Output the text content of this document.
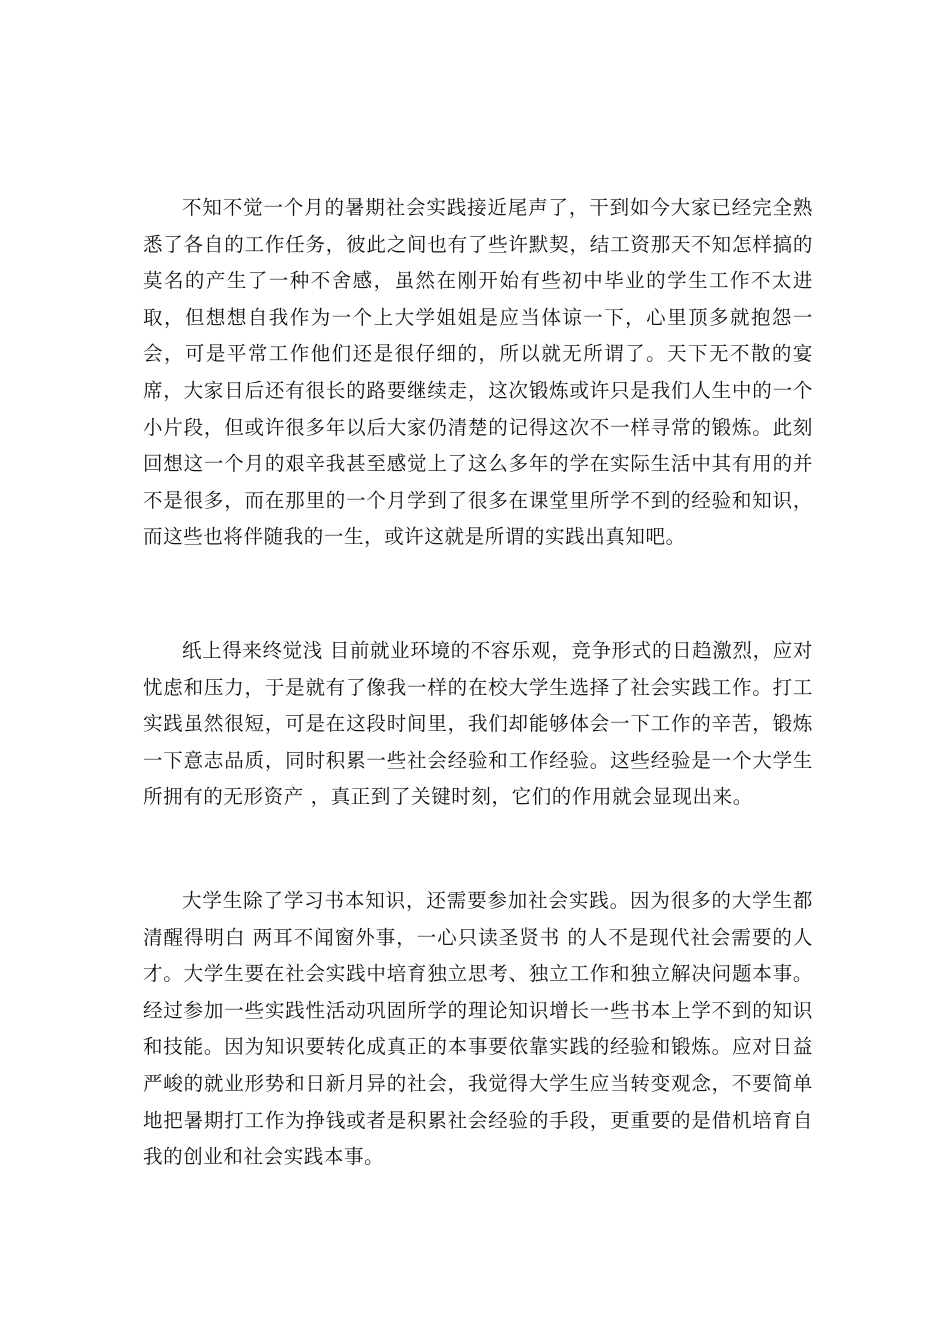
不知不觉一个月的暑期社会实践接近尾声了，干到如今大家已经完全熟悉了各自的工作任务，彼此之间也有了些许默契，结工资那天不知怎样搞的莫名的产生了一种不舍感，虽然在刚开始有些初中毕业的学生工作不太进取，但想想自我作为一个上大学姐姐是应当体谅一下，心里顶多就抱怨一会，可是平常工作他们还是很仔细的，所以就无所谓了。天下无不散的宴席，大家日后还有很长的路要继续走，这次锻炼或许只是我们人生中的一个小片段，但或许很多年以后大家仍清楚的记得这次不一样寻常的锻炼。此刻回想这一个月的艰辛我甚至感觉上了这么多年的学在实际生活中其有用的并不是很多，而在那里的一个月学到了很多在课堂里所学不到的经验和知识，而这些也将伴随我的一生，或许这就是所谓的实践出真知吧。

纸上得来终觉浅 目前就业环境的不容乐观，竞争形式的日趋激烈，应对忧虑和压力，于是就有了像我一样的在校大学生选择了社会实践工作。打工实践虽然很短，可是在这段时间里，我们却能够体会一下工作的辛苦，锻炼一下意志品质，同时积累一些社会经验和工作经验。这些经验是一个大学生所拥有的无形资产 ，真正到了关键时刻，它们的作用就会显现出来。

大学生除了学习书本知识，还需要参加社会实践。因为很多的大学生都清醒得明白 两耳不闻窗外事，一心只读圣贤书 的人不是现代社会需要的人才。大学生要在社会实践中培育独立思考、独立工作和独立解决问题本事。经过参加一些实践性活动巩固所学的理论知识增长一些书本上学不到的知识和技能。因为知识要转化成真正的本事要依靠实践的经验和锻炼。应对日益严峻的就业形势和日新月异的社会，我觉得大学生应当转变观念，不要简单地把暑期打工作为挣钱或者是积累社会经验的手段，更重要的是借机培育自我的创业和社会实践本事。
